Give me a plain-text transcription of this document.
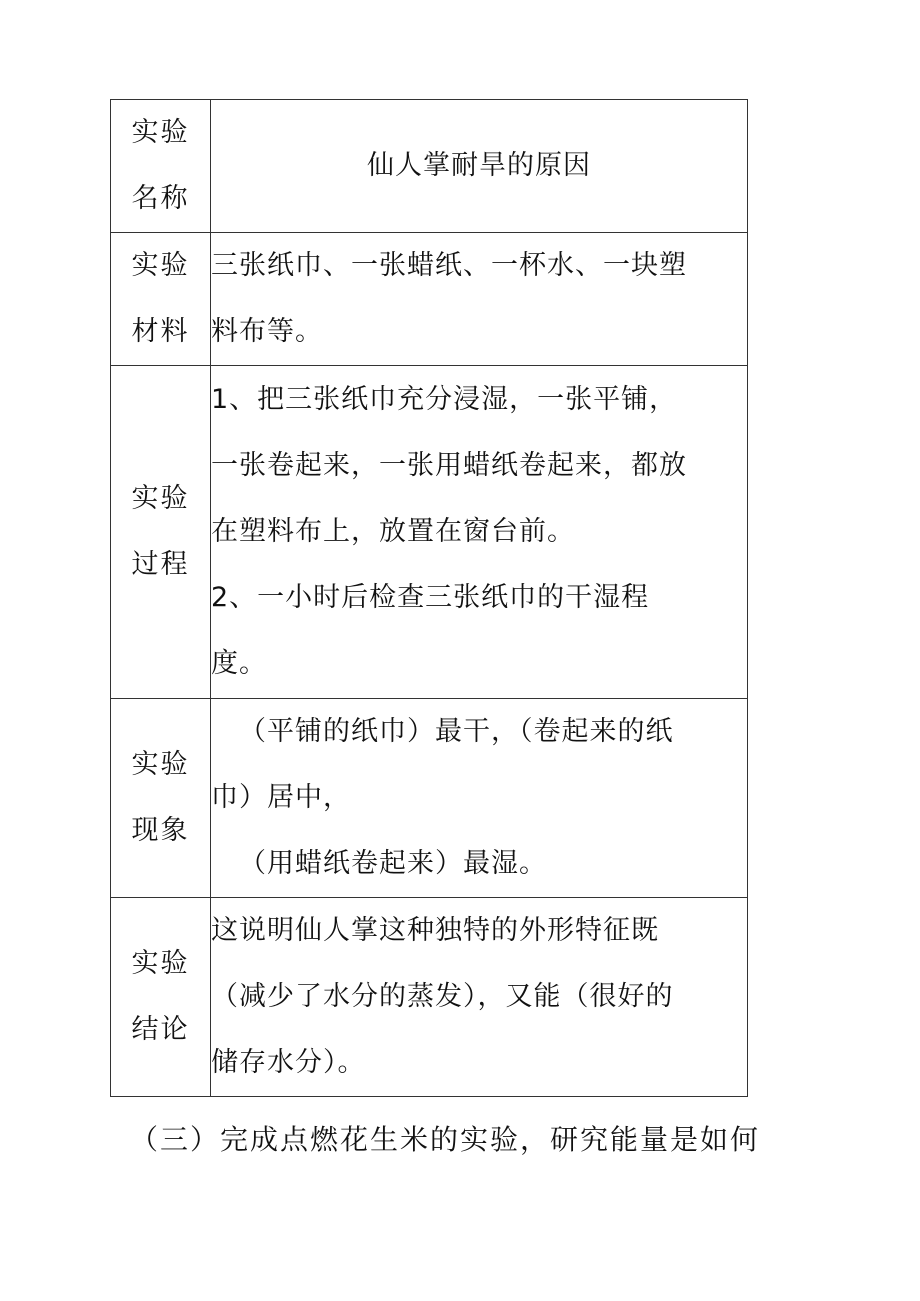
实验名称	仙人掌耐旱的原因

实验材料	三张纸巾、一张蜡纸、一杯水、一块塑
料布等。

实验过程	1、把三张纸巾充分浸湿，一张平铺，
一张卷起来，一张用蜡纸卷起来，都放
在塑料布上，放置在窗台前。
2、一小时后检查三张纸巾的干湿程
度。

实验现象	（平铺的纸巾）最干，（卷起来的纸
巾）居中，
（用蜡纸卷起来）最湿。

实验结论	这说明仙人掌这种独特的外形特征既
（减少了水分的蒸发），又能（很好的
储存水分）。
（三）完成点燃花生米的实验，研究能量是如何
